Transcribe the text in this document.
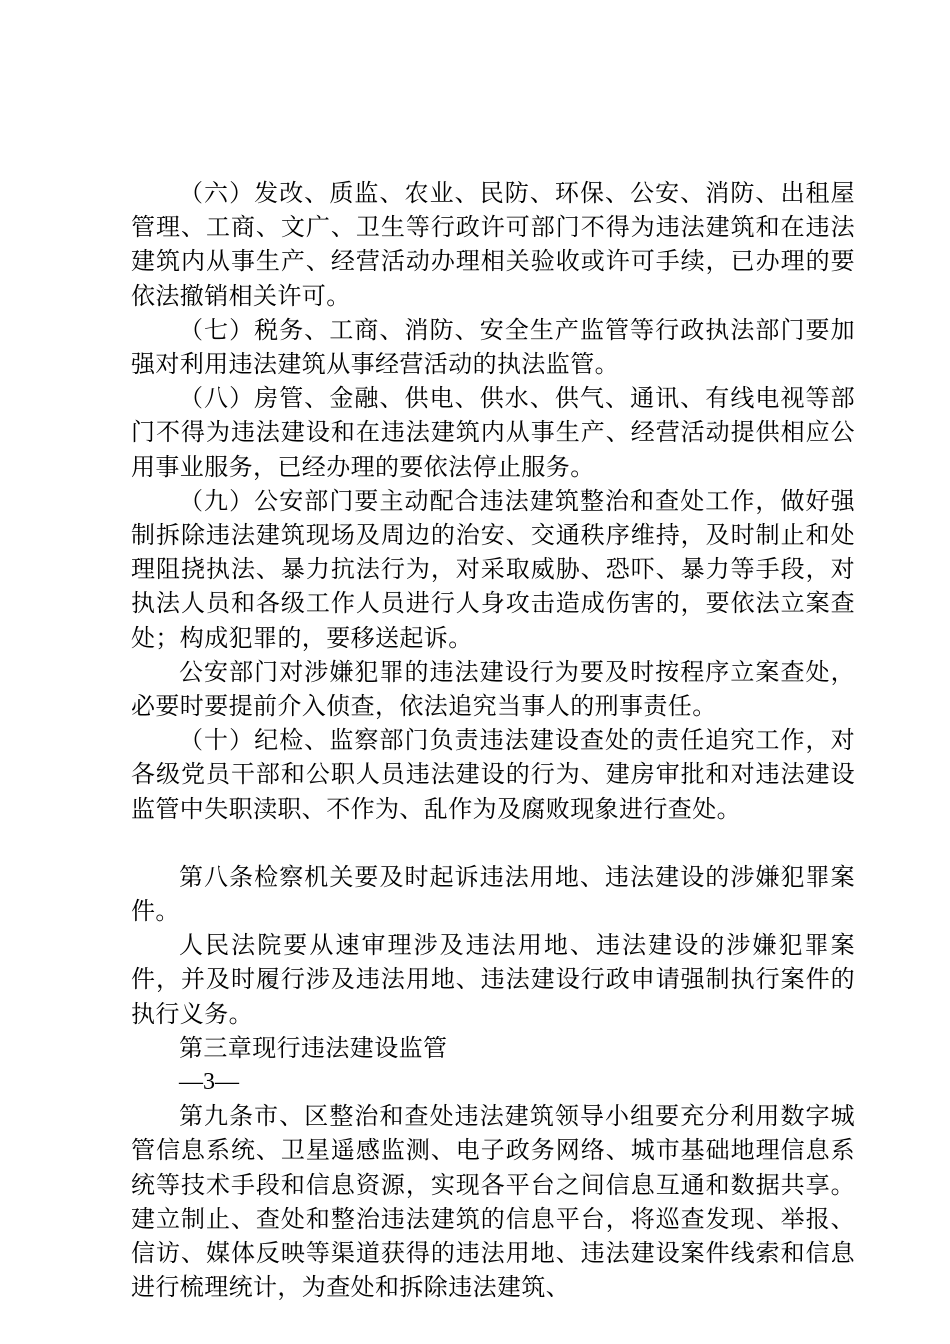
（六）发改、质监、农业、民防、环保、公安、消防、出租屋管理、工商、文广、卫生等行政许可部门不得为违法建筑和在违法建筑内从事生产、经营活动办理相关验收或许可手续，已办理的要依法撤销相关许可。

（七）税务、工商、消防、安全生产监管等行政执法部门要加强对利用违法建筑从事经营活动的执法监管。

（八）房管、金融、供电、供水、供气、通讯、有线电视等部门不得为违法建设和在违法建筑内从事生产、经营活动提供相应公用事业服务，已经办理的要依法停止服务。

（九）公安部门要主动配合违法建筑整治和查处工作，做好强制拆除违法建筑现场及周边的治安、交通秩序维持，及时制止和处理阻挠执法、暴力抗法行为，对采取威胁、恐吓、暴力等手段，对执法人员和各级工作人员进行人身攻击造成伤害的，要依法立案查处；构成犯罪的，要移送起诉。

公安部门对涉嫌犯罪的违法建设行为要及时按程序立案查处，必要时要提前介入侦查，依法追究当事人的刑事责任。

（十）纪检、监察部门负责违法建设查处的责任追究工作，对各级党员干部和公职人员违法建设的行为、建房审批和对违法建设监管中失职渎职、不作为、乱作为及腐败现象进行查处。

第八条检察机关要及时起诉违法用地、违法建设的涉嫌犯罪案件。

人民法院要从速审理涉及违法用地、违法建设的涉嫌犯罪案件，并及时履行涉及违法用地、违法建设行政申请强制执行案件的执行义务。

第三章现行违法建设监管

—3—

第九条市、区整治和查处违法建筑领导小组要充分利用数字城管信息系统、卫星遥感监测、电子政务网络、城市基础地理信息系统等技术手段和信息资源，实现各平台之间信息互通和数据共享。建立制止、查处和整治违法建筑的信息平台，将巡查发现、举报、信访、媒体反映等渠道获得的违法用地、违法建设案件线索和信息进行梳理统计，为查处和拆除违法建筑、
